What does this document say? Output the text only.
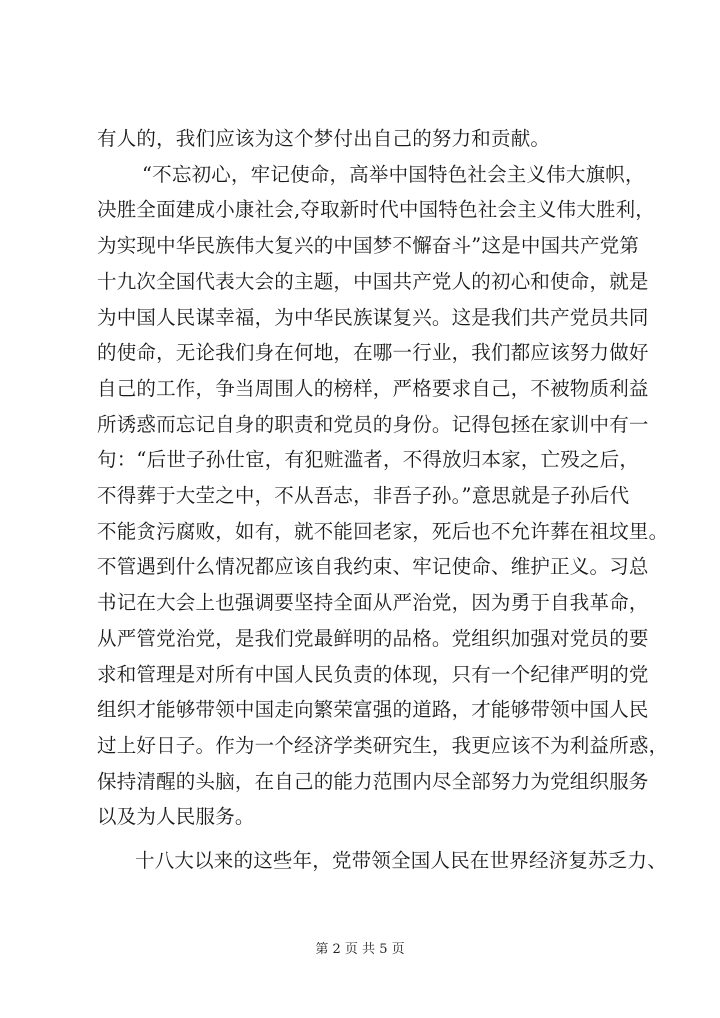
有人的，我们应该为这个梦付出自己的努力和贡献。

“不忘初心，牢记使命，高举中国特色社会主义伟大旗帜，
决胜全面建成小康社会,夺取新时代中国特色社会主义伟大胜利，
为实现中华民族伟大复兴的中国梦不懈奋斗”这是中国共产党第
十九次全国代表大会的主题，中国共产党人的初心和使命，就是
为中国人民谋幸福，为中华民族谋复兴。这是我们共产党员共同
的使命，无论我们身在何地，在哪一行业，我们都应该努力做好
自己的工作，争当周围人的榜样，严格要求自己，不被物质利益
所诱惑而忘记自身的职责和党员的身份。记得包拯在家训中有一
句：“后世子孙仕宦，有犯赃滥者，不得放归本家，亡殁之后，
不得葬于大茔之中，不从吾志，非吾子孙。”意思就是子孙后代
不能贪污腐败，如有，就不能回老家，死后也不允许葬在祖坟里。
不管遇到什么情况都应该自我约束、牢记使命、维护正义。习总
书记在大会上也强调要坚持全面从严治党，因为勇于自我革命，
从严管党治党，是我们党最鲜明的品格。党组织加强对党员的要
求和管理是对所有中国人民负责的体现，只有一个纪律严明的党
组织才能够带领中国走向繁荣富强的道路，才能够带领中国人民
过上好日子。作为一个经济学类研究生，我更应该不为利益所惑，
保持清醒的头脑，在自己的能力范围内尽全部努力为党组织服务
以及为人民服务。

十八大以来的这些年，党带领全国人民在世界经济复苏乏力、

第 2 页 共 5 页
